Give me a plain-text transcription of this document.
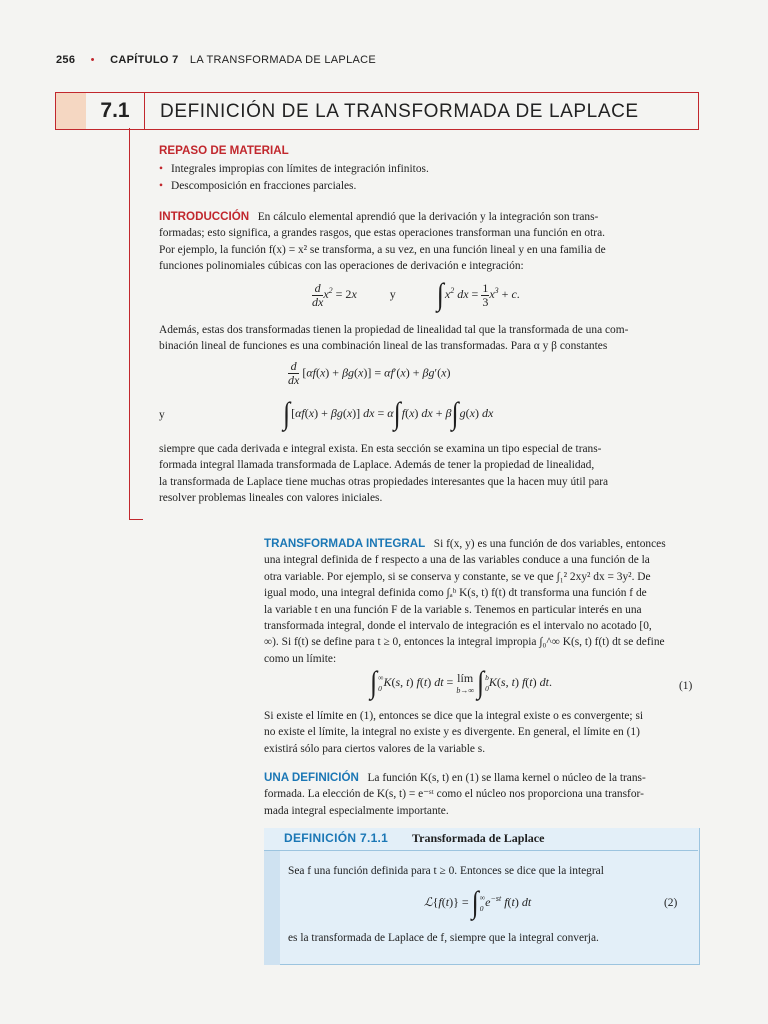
256 • CAPÍTULO 7 LA TRANSFORMADA DE LAPLACE
7.1	DEFINICIÓN DE LA TRANSFORMADA DE LAPLACE
REPASO DE MATERIAL
• Integrales impropias con límites de integración infinitos.
• Descomposición en fracciones parciales.
INTRODUCCIÓN En cálculo elemental aprendió que la derivación y la integración son trans-
formadas; esto significa, a grandes rasgos, que estas operaciones transforman una función en otra.
Por ejemplo, la función f(x) = x² se transforma, a su vez, en una función lineal y en una familia de
funciones polinomiales cúbicas con las operaciones de derivación e integración:
$\frac{d}{dx} x^2 = 2x$	y $\int x^2$ dx = $\frac{1}{3} x^3 + c$.
Además, estas dos transformadas tienen la propiedad de linealidad tal que la transformada de una com-
binación lineal de funciones es una combinación lineal de las transformadas. Para α y β constantes
$\frac{d}{dx} [\alpha f(x) + \beta g(x)] = \alpha f'(x) + \beta g'(x)$
y	∫[αf(x) + βg(x)] dx = α∫f(x) dx + β∫g(x) dx
siempre que cada derivada e integral exista. En esta sección se examina un tipo especial de trans-
formada integral llamada transformada de Laplace. Además de tener la propiedad de linealidad,
la transformada de Laplace tiene muchas otras propiedades interesantes que la hacen muy útil para
resolver problemas lineales con valores iniciales.
TRANSFORMADA INTEGRAL Si f(x, y) es una función de dos variables, entonces
una integral definida de f respecto a una de las variables conduce a una función de la
otra variable. Por ejemplo, si se conserva y constante, se ve que ∫₁² 2xy² dx = 3y². De
igual modo, una integral definida como ∫ₐᵇ K(s, t) f(t) dt transforma una función f de
la variable t en una función F de la variable s. Tenemos en particular interés en una
transformada integral, donde el intervalo de integración es el intervalo no acotado [0,
∞). Si f(t) se define para t ≥ 0, entonces la integral impropia ∫₀^∞ K(s, t) f(t) dt se define
como un límite:
∫ ∞
0 K(s, t) f(t) dt = lím
b→∞ ∫ b
0 K(s, t) f(t) dt.	(1)
Si existe el límite en (1), entonces se dice que la integral existe o es convergente; si
no existe el límite, la integral no existe y es divergente. En general, el límite en (1)
existirá sólo para ciertos valores de la variable s.
UNA DEFINICIÓN La función K(s, t) en (1) se llama kernel o núcleo de la trans-
formada. La elección de K(s, t) = e⁻ˢᵗ como el núcleo nos proporciona una transfor-
mada integral especialmente importante.
DEFINICIÓN 7.1.1 Transformada de Laplace
Sea f una función definida para t ≥ 0. Entonces se dice que la integral
ℒ{f(t)} = ∫ ∞
0 $e^{-st}$ f(t) dt	(2)
es la transformada de Laplace de f, siempre que la integral converja.
